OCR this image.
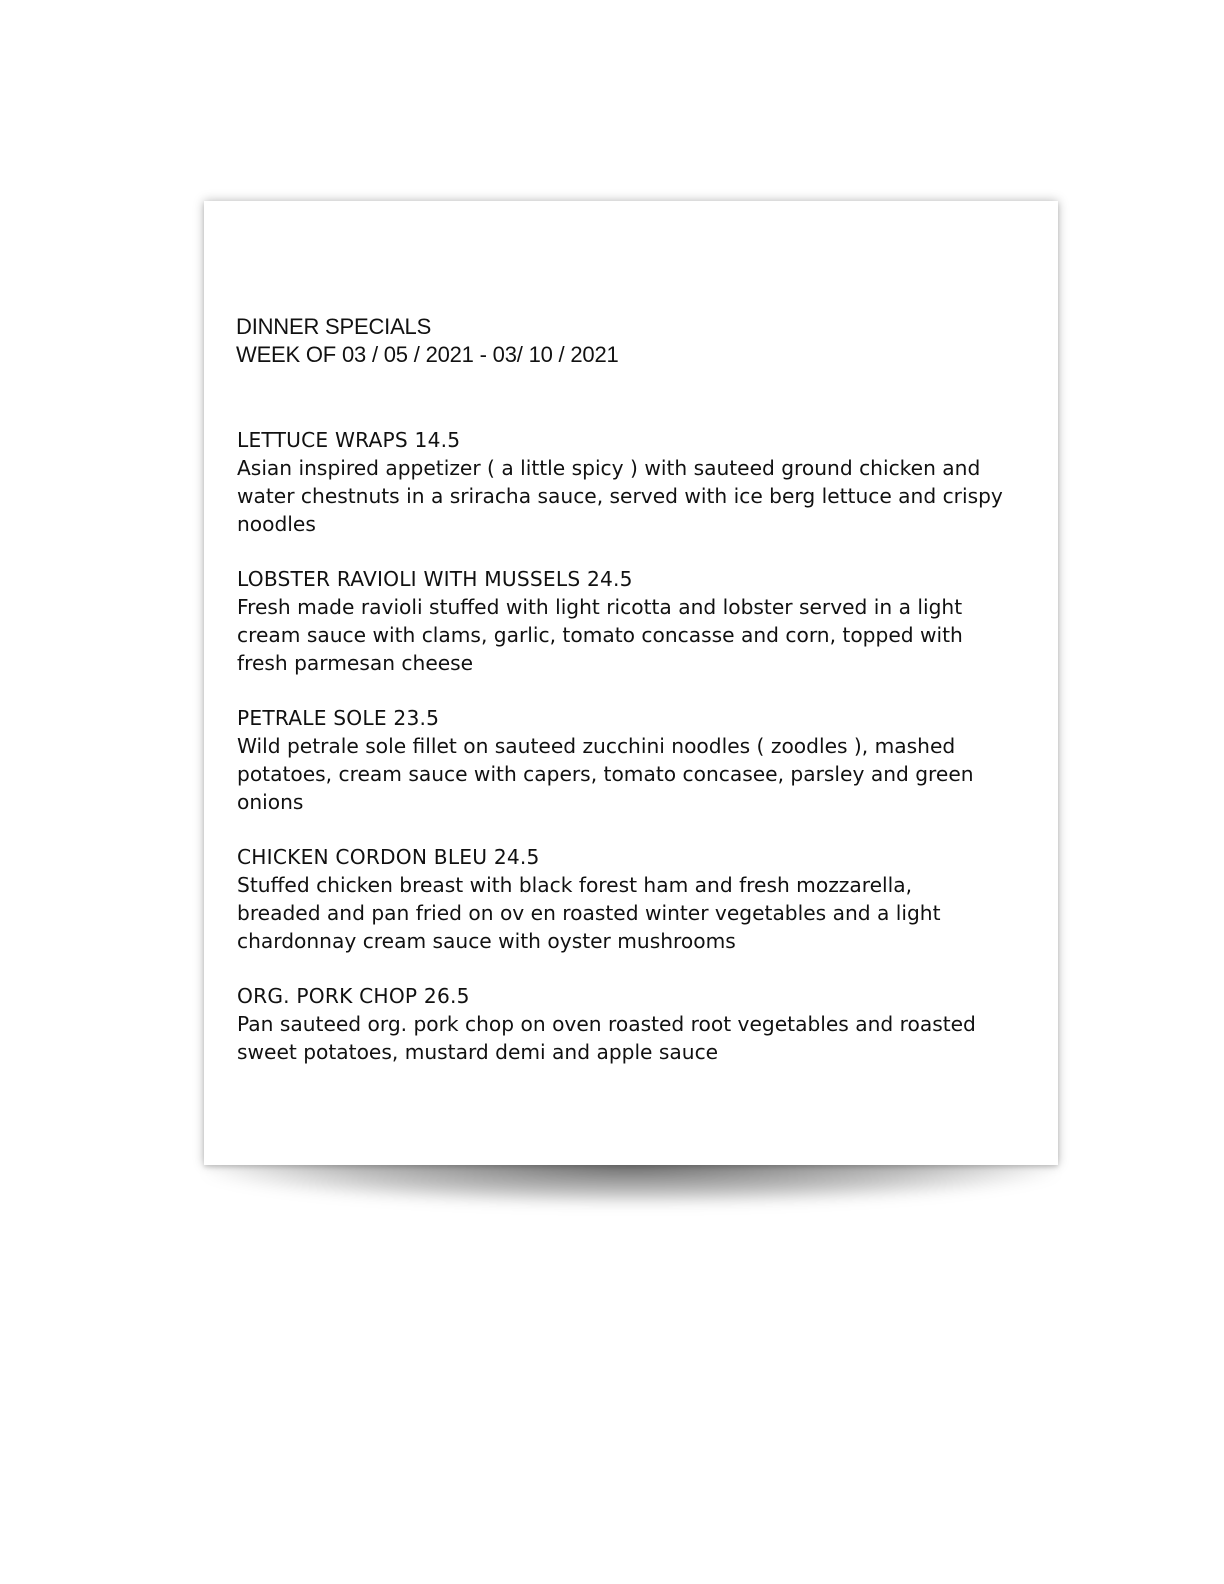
DINNER SPECIALS
WEEK OF 03 / 05 / 2021 - 03/ 10 / 2021
LETTUCE WRAPS 14.5
Asian inspired appetizer ( a little spicy ) with sauteed ground chicken and
water chestnuts in a sriracha sauce, served with ice berg lettuce and crispy
noodles
LOBSTER RAVIOLI WITH MUSSELS 24.5
Fresh made ravioli stuffed with light ricotta and lobster served in a light
cream sauce with clams, garlic, tomato concasse and corn, topped with
fresh parmesan cheese
PETRALE SOLE 23.5
Wild petrale sole fillet on sauteed zucchini noodles ( zoodles ), mashed
potatoes, cream sauce with capers, tomato concasee, parsley and green
onions
CHICKEN CORDON BLEU 24.5
Stuffed chicken breast with black forest ham and fresh mozzarella,
breaded and pan fried on ov en roasted winter vegetables and a light
chardonnay cream sauce with oyster mushrooms
ORG. PORK CHOP 26.5
Pan sauteed org. pork chop on oven roasted root vegetables and roasted
sweet potatoes, mustard demi and apple sauce
